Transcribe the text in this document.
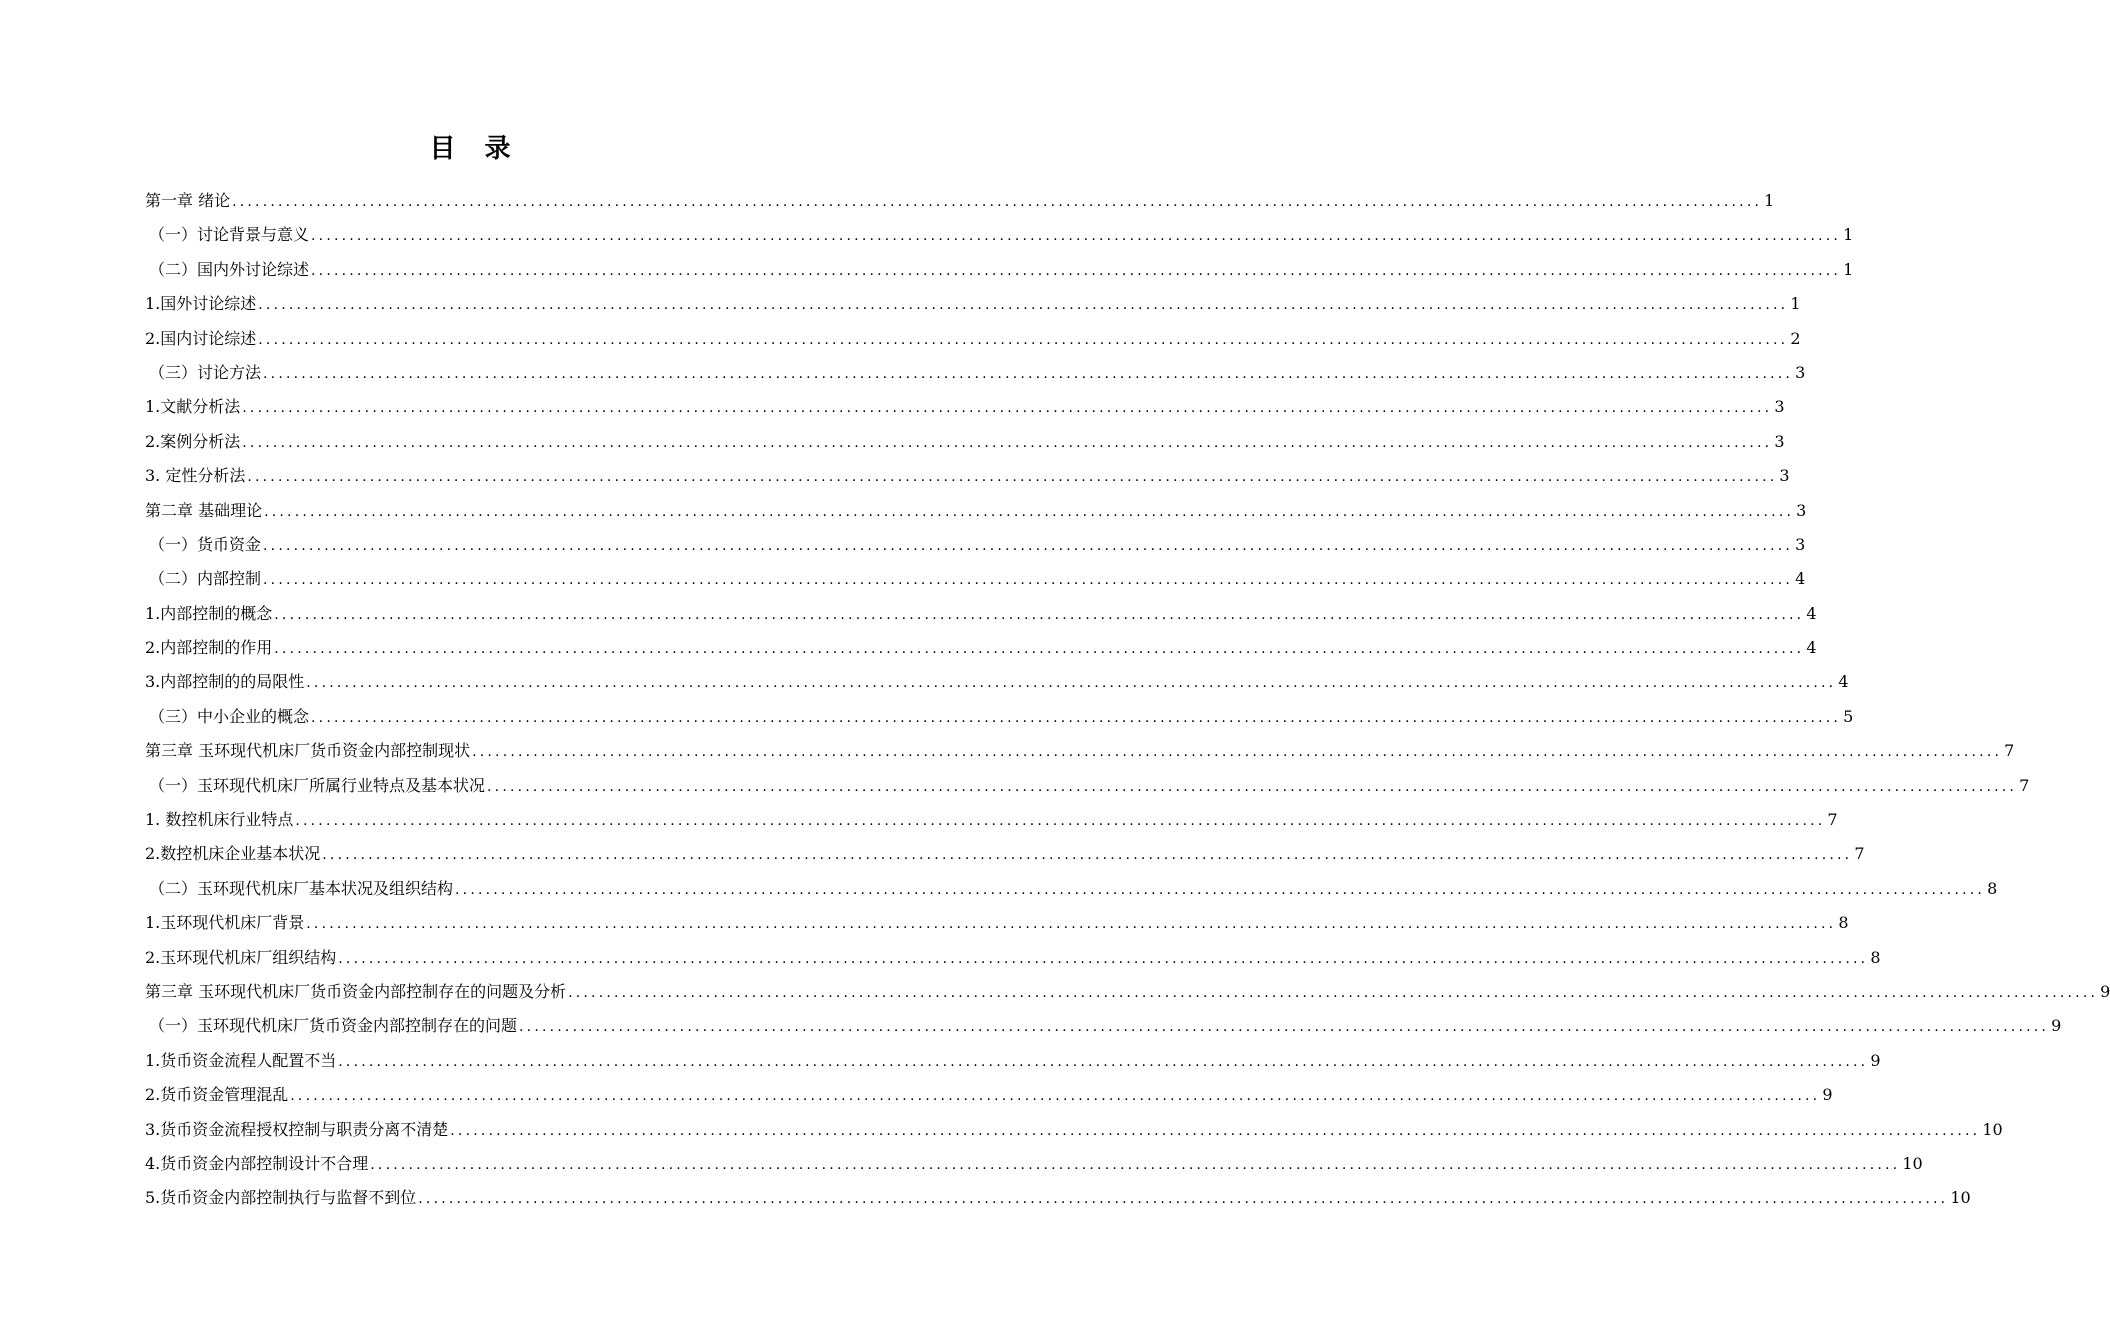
目 录
第一章 绪论 ........................................................................................................................................................................................................ 1
（一）讨论背景与意义 ........................................................................................................................................................................................................ 1
（二）国内外讨论综述 ........................................................................................................................................................................................................ 1
1.国外讨论综述 ........................................................................................................................................................................................................ 1
2.国内讨论综述 ........................................................................................................................................................................................................ 2
（三）讨论方法 ........................................................................................................................................................................................................ 3
1.文献分析法 ........................................................................................................................................................................................................ 3
2.案例分析法 ........................................................................................................................................................................................................ 3
3. 定性分析法 ........................................................................................................................................................................................................ 3
第二章 基础理论 ........................................................................................................................................................................................................ 3
（一）货币资金 ........................................................................................................................................................................................................ 3
（二）内部控制 ........................................................................................................................................................................................................ 4
1.内部控制的概念 ........................................................................................................................................................................................................ 4
2.内部控制的作用 ........................................................................................................................................................................................................ 4
3.内部控制的的局限性 ........................................................................................................................................................................................................ 4
（三）中小企业的概念 ........................................................................................................................................................................................................ 5
第三章 玉环现代机床厂货币资金内部控制现状 ........................................................................................................................................................................................................ 7
（一）玉环现代机床厂所属行业特点及基本状况 ........................................................................................................................................................................................................ 7
1. 数控机床行业特点 ........................................................................................................................................................................................................ 7
2.数控机床企业基本状况 ........................................................................................................................................................................................................ 7
（二）玉环现代机床厂基本状况及组织结构 ........................................................................................................................................................................................................ 8
1.玉环现代机床厂背景 ........................................................................................................................................................................................................ 8
2.玉环现代机床厂组织结构 ........................................................................................................................................................................................................ 8
第三章 玉环现代机床厂货币资金内部控制存在的问题及分析 ........................................................................................................................................................................................................ 9
（一）玉环现代机床厂货币资金内部控制存在的问题 ........................................................................................................................................................................................................ 9
1.货币资金流程人配置不当 ........................................................................................................................................................................................................ 9
2.货币资金管理混乱 ........................................................................................................................................................................................................ 9
3.货币资金流程授权控制与职责分离不清楚 ........................................................................................................................................................................................................ 10
4.货币资金内部控制设计不合理 ........................................................................................................................................................................................................ 10
5.货币资金内部控制执行与监督不到位 ........................................................................................................................................................................................................ 10
